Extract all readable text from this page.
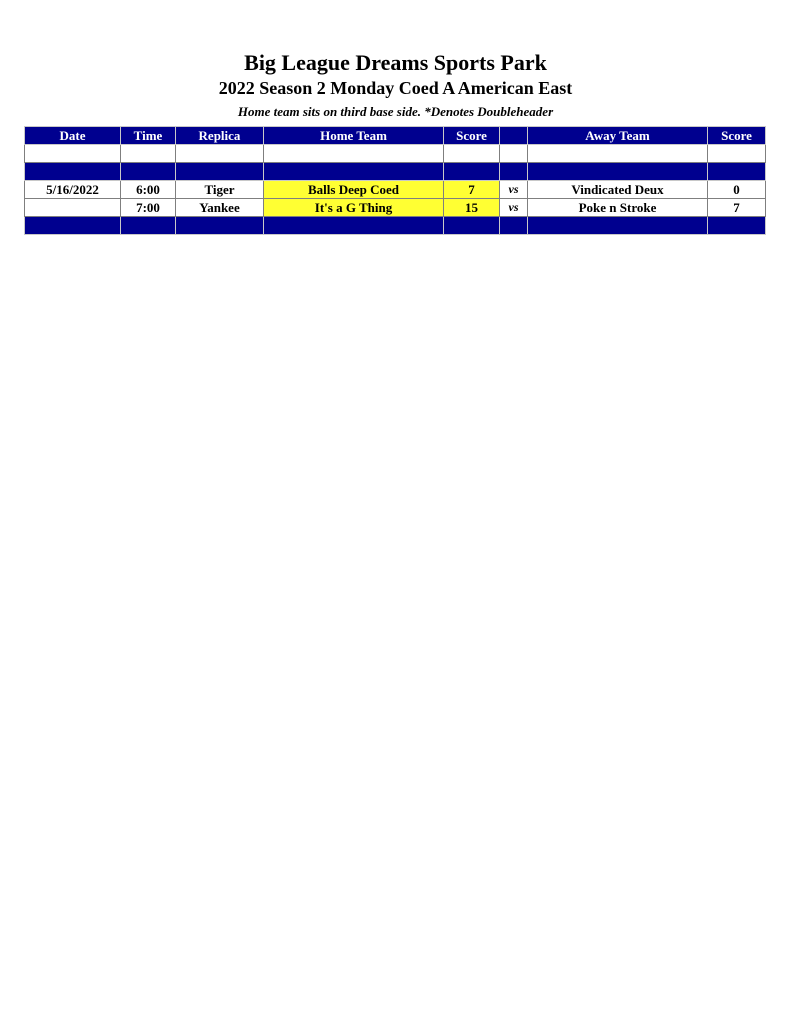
Big League Dreams Sports Park
2022 Season 2 Monday Coed A American East
Home team sits on third base side. *Denotes Doubleheader
Date	Time	Replica	Home Team	Score		Away Team	Score

5/16/2022	6:00	Tiger	Balls Deep Coed	7	vs	Vindicated Deux	0
	7:00	Yankee	It's a G Thing	15	vs	Poke n Stroke	7
